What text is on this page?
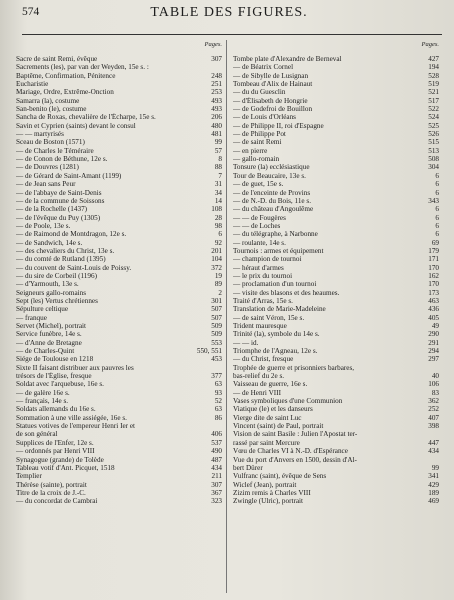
574	TABLE DES FIGURES.
Pages.
Sacre de saint Remi, évêque	307
Sacrements (les), par van der Weyden, 15e s. :
Baptême, Confirmation, Pénitence	248
Eucharistie	251
Mariage, Ordre, Extrême-Onction	253
Samarra (la), costume	493
San-benito (le), costume	493
Sancha de Roxas, chevalière de l'Écharpe, 15e s.	206
Savin et Cyprien (saints) devant le consul	480
— — martyrisés	481
Sceau de Boston (1571)	99
— de Charles le Téméraire	57
— de Conon de Béthune, 12e s.	8
— de Douvres (1281)	88
— de Gérard de Saint-Amant (1199)	7
— de Jean sans Peur	31
— de l'abbaye de Saint-Denis	34
— de la commune de Soissons	14
— de la Rochelle (1437)	108
— de l'évêque du Puy (1305)	28
— de Poole, 13e s.	98
— de Raimond de Montdragon, 12e s.	6
— de Sandwich, 14e s.	92
— des chevaliers du Christ, 13e s.	201
— du comté de Rutland (1395)	104
— du couvent de Saint-Louis de Poissy.	372
— du sire de Corbeil (1196)	19
— d'Yarmouth, 13e s.	89
Seigneurs gallo-romains	2
Sept (les) Vertus chrétiennes	301
Sépulture celtique	507
— franque	507
Servet (Michel), portrait	509
Service funèbre, 14e s.	509
— d'Anne de Bretagne	553
— de Charles-Quint	550, 551
Siége de Toulouse en 1218	453
Sixte II faisant distribuer aux pauvres les
trésors de l'Église, fresque	377
Soldat avec l'arquebuse, 16e s.	63
— de galère 16e s.	93
— français, 14e s.	52
Soldats allemands du 16e s.	63
Sommation à une ville assiégée, 16e s.	86
Statues votives de l'empereur Henri Ier et
de son général	406
Supplices de l'Enfer, 12e s.	537
— ordonnés par Henri VIII	490
Synagogue (grande) de Tolède	487
Tableau votif d'Ant. Picquet, 1518	434
Templier	211
Thérèse (sainte), portrait	307
Titre de la croix de J.-C.	367
— du concordat de Cambrai	323
Pages.
Tombe plate d'Alexandre de Berneval	427
— de Béatrix Cornel	194
— de Sibylle de Lusignan	528
Tombeau d'Alix de Hainaut	519
— du du Guesclin	521
— d'Élisabeth de Hongrie	517
— de Godefroi de Bouillon	522
— de Louis d'Orléans	524
— de Philippe II, roi d'Espagne	525
— de Philippe Pot	526
— de saint Remi	515
— en pierre	513
— gallo-romain	508
Tonsure (la) ecclésiastique	304
Tour de Beaucaire, 13e s.	6
— de guet, 15e s.	6
— de l'enceinte de Provins	6
— de N.-D. du Bois, 11e s.	343
— du château d'Angoulême	6
— — de Fougères	6
— — de Loches	6
— du télégraphe, à Narbonne	6
— roulante, 14e s.	69
Tournois : armes et équipement	179
— champion de tournoi	171
— héraut d'armes	170
— le prix du tournoi	162
— proclamation d'un tournoi	170
— visite des blasons et des heaumes.	173
Traité d'Arras, 15e s.	463
Translation de Marie-Madeleine	436
— de saint Véron, 15e s.	405
Trident mauresque	49
Trinité (la), symbole du 14e s.	290
— — id.	291
Triomphe de l'Agneau, 12e s.	294
— du Christ, fresque	297
Trophée de guerre et prisonniers barbares,
bas-relief du 2e s.	40
Vaisseau de guerre, 16e s.	106
— de Henri VIII	83
Vases symboliques d'une Communion	362
Viatique (le) et les danseurs	252
Vierge dite de saint Luc	407
Vincent (saint) de Paul, portrait	398
Vision de saint Basile : Julien l'Apostat ter-
rassé par saint Mercure	447
Vœu de Charles VI à N.-D. d'Espérance	434
Vue du port d'Anvers en 1500, dessin d'Al-
bert Dürer	99
Vulfranc (saint), évêque de Sens	341
Wiclef (Jean), portrait	429
Zizim remis à Charles VIII	189
Zwingle (Ulric), portrait	469
